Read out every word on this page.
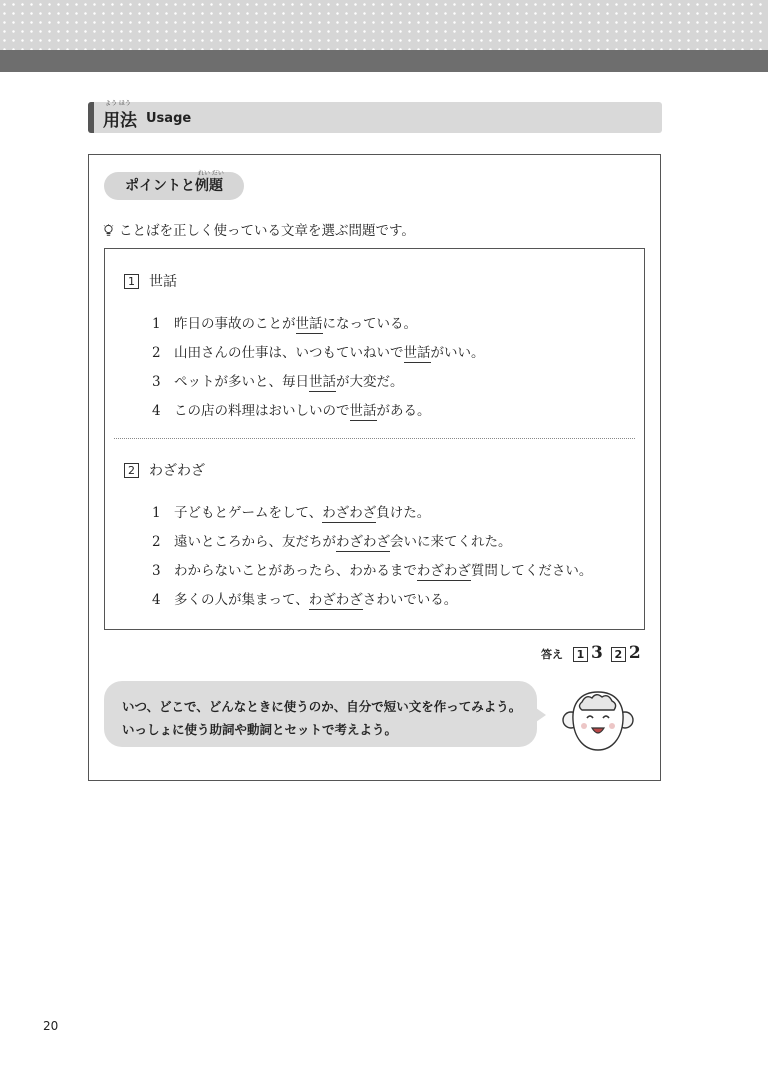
用法
よう ほう
Usage
ポイントと
れい だい
例題
ことばを正しく使っている文章を選ぶ問題です。
1 世話
1 昨日の事故のことが世話になっている。
2 山田さんの仕事は、いつもていねいで世話がいい。
3 ペットが多いと、毎日世話が大変だ。
4 この店の料理はおいしいので世話がある。
2 わざわざ
1 子どもとゲームをして、わざわざ負けた。
2 遠いところから、友だちがわざわざ会いに来てくれた。
3 わからないことがあったら、わかるまでわざわざ質問してください。
4 多くの人が集まって、わざわざさわいでいる。
答え 1 3 2 2
いつ、どこで、どんなときに使うのか、自分で短い文を作ってみよう。
いっしょに使う助詞や動詞とセットで考えよう。
20
